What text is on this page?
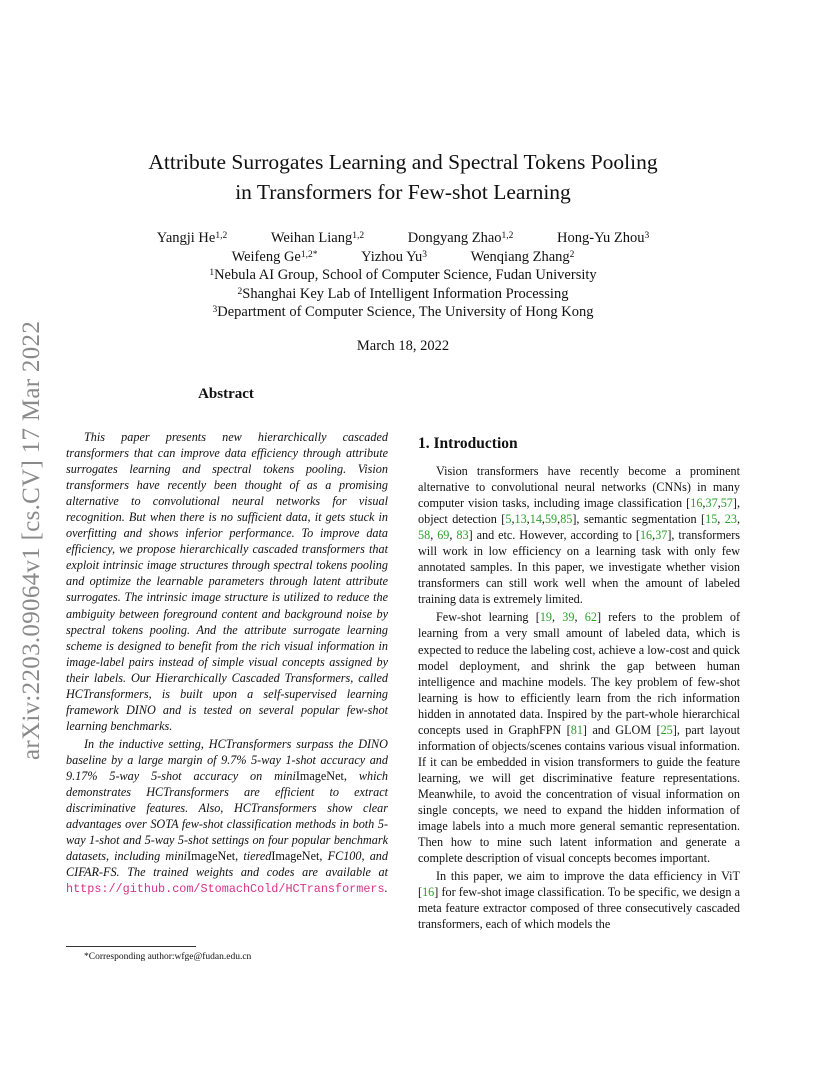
arXiv:2203.09064v1 [cs.CV] 17 Mar 2022
Attribute Surrogates Learning and Spectral Tokens Pooling
in Transformers for Few-shot Learning
Yangji He$^{1,2}$	Weihan Liang$^{1,2}$	Dongyang Zhao$^{1,2}$	Hong-Yu Zhou$^3$
Weifeng $Ge^{1,2*}$	Yizhou Yu$^3$	Wenqiang Zhang$^2$
$^1$Nebula AI Group, School of Computer Science, Fudan University
$^2$Shanghai Key Lab of Intelligent Information Processing
$^3$Department of Computer Science, The University of Hong Kong
March 18, 2022
Abstract

This paper presents new hierarchically cascaded transformers that can improve data efficiency through attribute surrogates learning and spectral tokens pooling. Vision transformers have recently been thought of as a promising alternative to convolutional neural networks for visual recognition. But when there is no sufficient data, it gets stuck in overfitting and shows inferior performance. To improve data efficiency, we propose hierarchically cascaded transformers that exploit intrinsic image structures through spectral tokens pooling and optimize the learnable parameters through latent attribute surrogates. The intrinsic image structure is utilized to reduce the ambiguity between foreground content and background noise by spectral tokens pooling. And the attribute surrogate learning scheme is designed to benefit from the rich visual information in image-label pairs instead of simple visual concepts assigned by their labels. Our Hierarchically Cascaded Transformers, called HCTransformers, is built upon a self-supervised learning framework DINO and is tested on several popular few-shot learning benchmarks.

In the inductive setting, HCTransformers surpass the DINO baseline by a large margin of 9.7% 5-way 1-shot accuracy and 9.17% 5-way 5-shot accuracy on miniImageNet, which demonstrates HCTransformers are efficient to extract discriminative features. Also, HCTransformers show clear advantages over SOTA few-shot classification methods in both 5-way 1-shot and 5-way 5-shot settings on four popular benchmark datasets, including miniImageNet, tieredImageNet, FC100, and CIFAR-FS. The trained weights and codes are available at https://github.com/StomachCold/HCTransformers.

*Corresponding author:wfge@fudan.edu.cn
1. Introduction

Vision transformers have recently become a prominent alternative to convolutional neural networks (CNNs) in many computer vision tasks, including image classification [16,37,57], object detection [5,13,14,59,85], semantic segmentation [15, 23, 58, 69, 83] and etc. However, according to [16,37], transformers will work in low efficiency on a learning task with only few annotated samples. In this paper, we investigate whether vision transformers can still work well when the amount of labeled training data is extremely limited.

Few-shot learning [19, 39, 62] refers to the problem of learning from a very small amount of labeled data, which is expected to reduce the labeling cost, achieve a low-cost and quick model deployment, and shrink the gap between human intelligence and machine models. The key problem of few-shot learning is how to efficiently learn from the rich information hidden in annotated data. Inspired by the part-whole hierarchical concepts used in GraphFPN [81] and GLOM [25], part layout information of objects/scenes contains various visual information. If it can be embedded in vision transformers to guide the feature learning, we will get discriminative feature representations. Meanwhile, to avoid the concentration of visual information on single concepts, we need to expand the hidden information of image labels into a much more general semantic representation. Then how to mine such latent information and generate a complete description of visual concepts becomes important.

In this paper, we aim to improve the data efficiency in ViT [16] for few-shot image classification. To be specific, we design a meta feature extractor composed of three consecutively cascaded transformers, each of which models the
